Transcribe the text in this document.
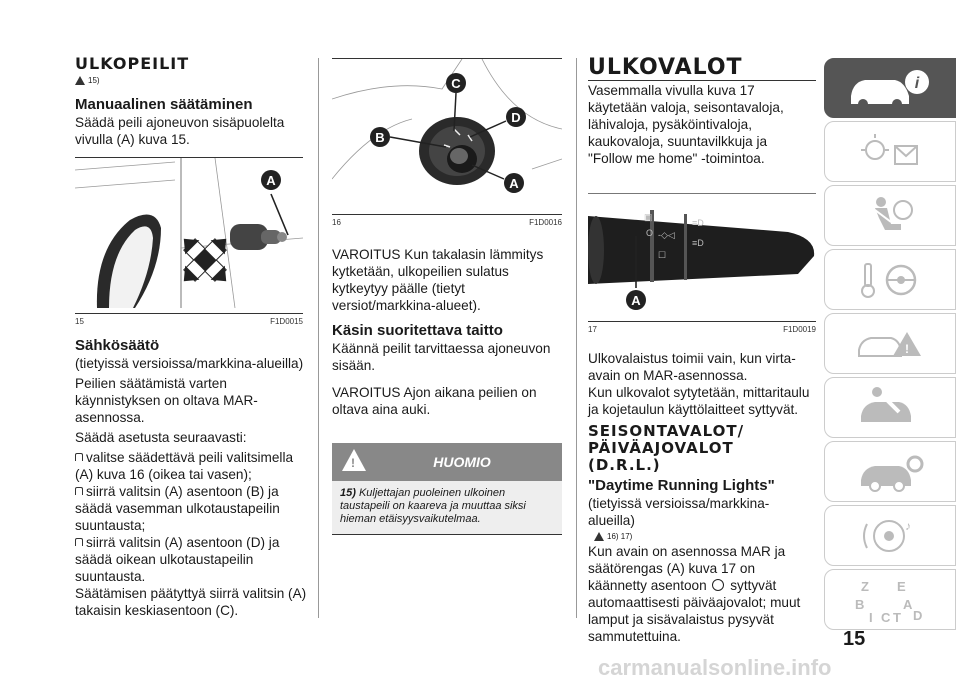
ULKOPEILIT
15)
Manuaalinen säätäminen

Säädä peili ajoneuvon sisäpuolelta vivulla (A) kuva 15.

A
15	F1D0015
Sähkösäätö

(tietyissä versioissa/markkina-alueilla)

Peilien säätämistä varten käynnistyksen on oltava MAR-asennossa.

Säädä asetusta seuraavasti:

valitse säädettävä peili valitsimella (A) kuva 16 (oikea tai vasen);

siirrä valitsin (A) asentoon (B) ja säädä vasemman ulkotaustapeilin suuntausta;

siirrä valitsin (A) asentoon (D) ja säädä oikean ulkotaustapeilin suuntausta.

Säätämisen päätyttyä siirrä valitsin (A) takaisin keskiasentoon (C).

C
D
B
A
16	F1D0016

VAROITUS Kun takalasin lämmitys kytketään, ulkopeilien sulatus kytkeytyy päälle (tietyt versiot/markkina-alueet).

Käsin suoritettava taitto

Käännä peilit tarvittaessa ajoneuvon sisään.

VAROITUS Ajon aikana peilien on oltava aina auki.

!	HUOMIO
15) Kuljettajan puoleinen ulkoinen taustapeili on kaareva ja muuttaa siksi hieman etäisyysvaikutelmaa.
ULKOVALOT

Vasemmalla vivulla kuva 17 käytetään valoja, seisontavaloja, lähivaloja, pysäköintivaloja, kaukovaloja, suuntavilkkuja ja "Follow me home" -toimintoa.

▣
O -◇◁
≡D
≡D
☐
A
17	F1D0019

Ulkovalaistus toimii vain, kun virta-avain on MAR-asennossa.

Kun ulkovalot sytytetään, mittaritaulu ja kojetaulun käyttölaitteet syttyvät.

SEISONTAVALOT/
PÄIVÄAJOVALOT
(D.R.L.)
"Daytime Running Lights"

(tietyissä versioissa/markkina-alueilla)

16) 17)

Kun avain on asennossa MAR ja säätörengas (A) kuva 17 on käännetty asentoon syttyvät automaattisesti päiväajovalot; muut lamput ja sisävalaistus pysyvät sammutettuina.

i
!
♪
Z E
B	A
I C T D
15
carmanualsonline.info
